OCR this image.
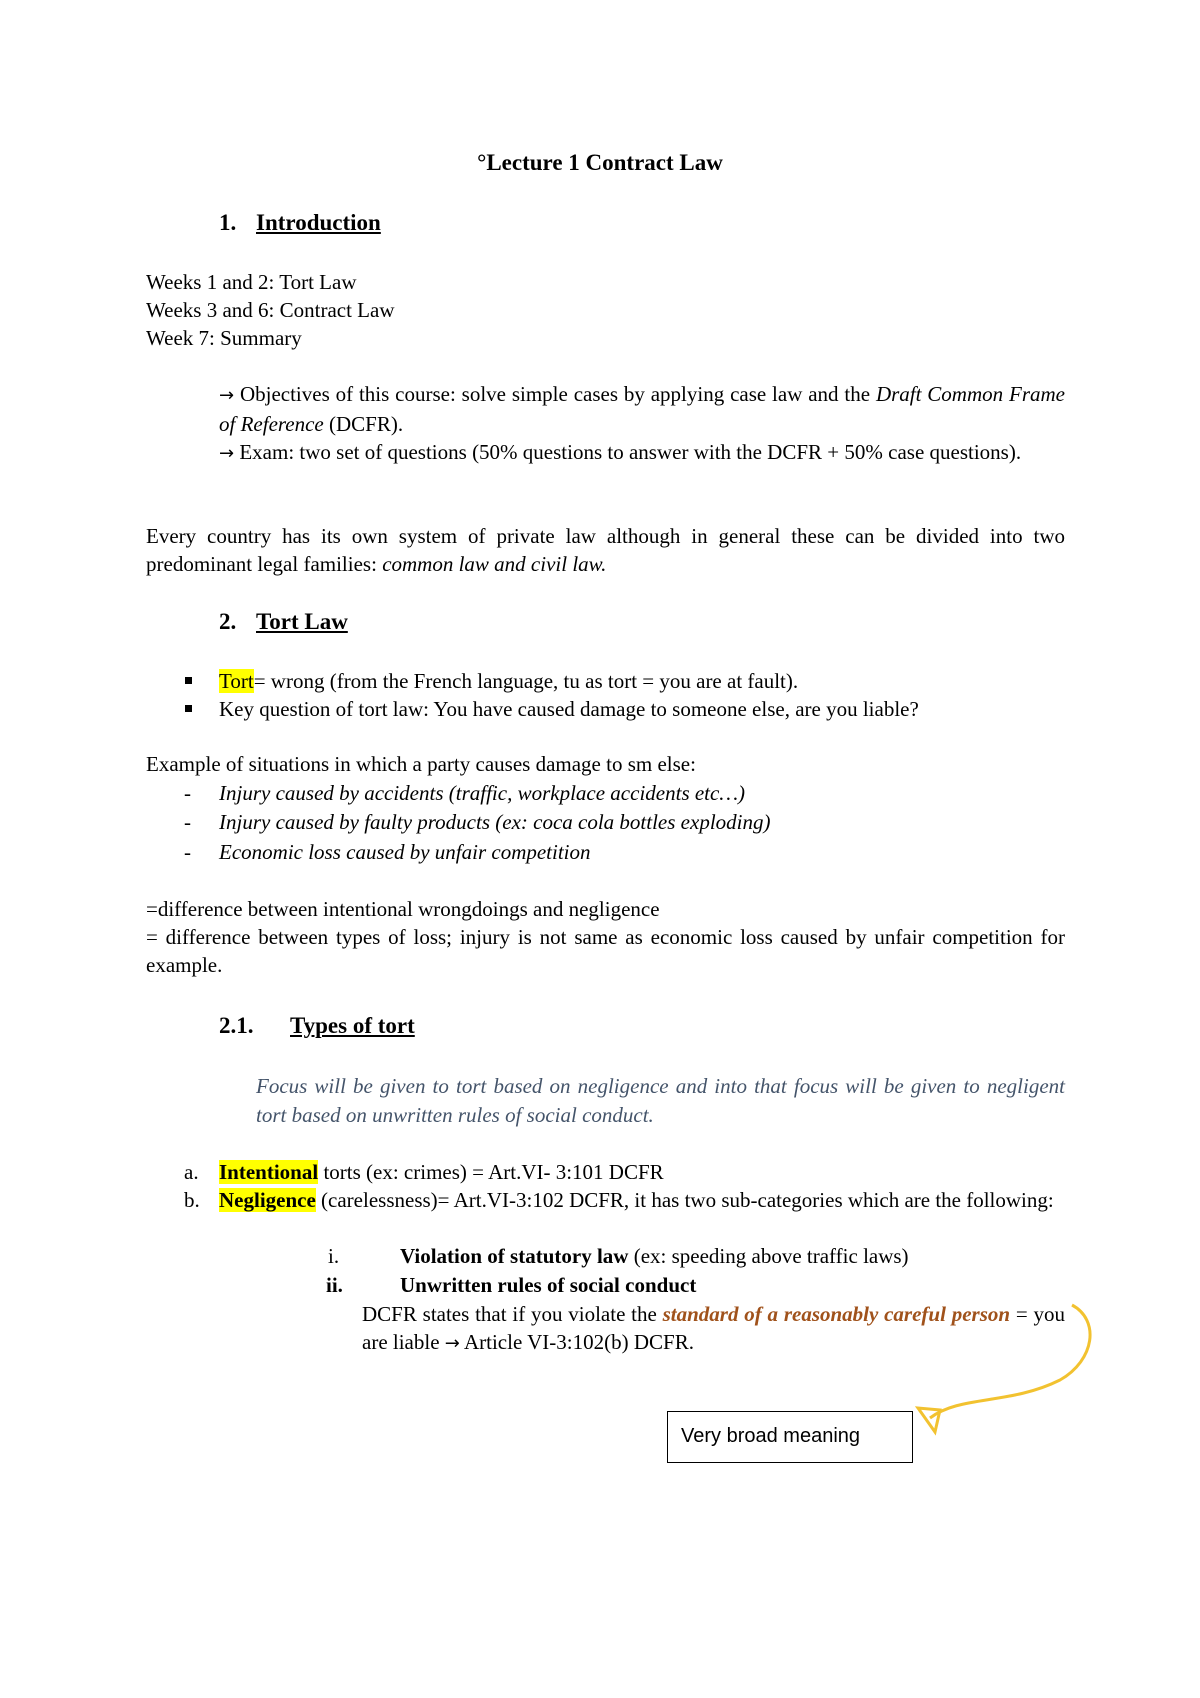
°Lecture 1 Contract Law
1. Introduction
Weeks 1 and 2: Tort Law
Weeks 3 and 6: Contract Law
Week 7: Summary
→ Objectives of this course: solve simple cases by applying case law and the Draft Common Frame of Reference (DCFR).
→ Exam: two set of questions (50% questions to answer with the DCFR + 50% case questions).
Every country has its own system of private law although in general these can be divided into two predominant legal families: common law and civil law.
2. Tort Law
Tort= wrong (from the French language, tu as tort = you are at fault).
Key question of tort law: You have caused damage to someone else, are you liable?
Example of situations in which a party causes damage to sm else:
- Injury caused by accidents (traffic, workplace accidents etc…)
- Injury caused by faulty products (ex: coca cola bottles exploding)
- Economic loss caused by unfair competition
=difference between intentional wrongdoings and negligence
= difference between types of loss; injury is not same as economic loss caused by unfair competition for example.
2.1. Types of tort
Focus will be given to tort based on negligence and into that focus will be given to negligent tort based on unwritten rules of social conduct.
a. Intentional torts (ex: crimes) = Art.VI- 3:101 DCFR
b. Negligence (carelessness)= Art.VI-3:102 DCFR, it has two sub-categories which are the following:
i.	Violation of statutory law (ex: speeding above traffic laws)
ii.	Unwritten rules of social conduct
DCFR states that if you violate the standard of a reasonably careful person = you are liable → Article VI-3:102(b) DCFR.
Very broad meaning
